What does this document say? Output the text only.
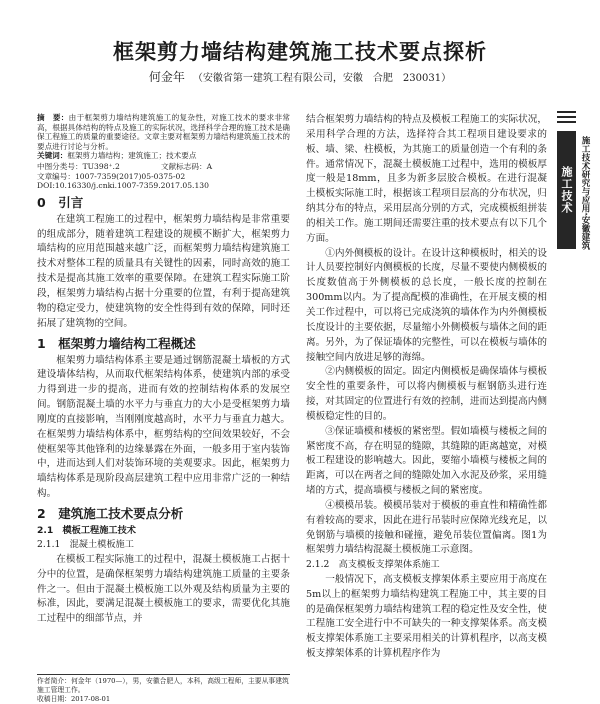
框架剪力墙结构建筑施工技术要点探析
何金年 （安徽省第一建筑工程有限公司，安徽　合肥　230031）

摘　要：由于框架剪力墙结构建筑施工的复杂性，对施工技术的要求非常高，根据具体结构的特点及施工的实际状况，选择科学合理的施工技术是确保工程施工的质量的重要途径。文章主要对框架剪力墙结构建筑施工技术的要点进行讨论与分析。

关键词：框架剪力墙结构；建筑施工；技术要点

中图分类号：TU398⁺.2	文献标志码：A

文章编号：1007-7359(2017)05-0375-02

DOI:10.16330/j.cnki.1007-7359.2017.05.130

0　引言

在建筑工程施工的过程中，框架剪力墙结构是非常重要的组成部分，随着建筑工程建设的规模不断扩大，框架剪力墙结构的应用范围越来越广泛，而框架剪力墙结构建筑施工技术对整体工程的质量具有关键性的因素，同时高效的施工技术是提高其施工效率的重要保障。在建筑工程实际施工阶段，框架剪力墙结构占据十分重要的位置，有利于提高建筑物的稳定受力，使建筑物的安全性得到有效的保障，同时还拓展了建筑物的空间。

1　框架剪力墙结构工程概述

框架剪力墙结构体系主要是通过钢筋混凝土墙板的方式建设墙体结构，从而取代框架结构体系，使建筑内部的承受力得到进一步的提高，进而有效的控制结构体系的发展空间。钢筋混凝土墙的水平力与垂直力的大小是受框架剪力墙刚度的直接影响，当刚刚度越高时，水平力与垂直力越大。在框架剪力墙结构体系中，框剪结构的空间效果较好，不会使框架等其他锋利的边缘暴露在外面，一般多用于室内装饰中，进而达到人们对装饰环境的美观要求。因此，框架剪力墙结构体系是现阶段高层建筑工程中应用非常广泛的一种结构。

2　建筑施工技术要点分析
2.1　模板工程施工技术
2.1.1　混凝土模板施工

在模板工程实际施工的过程中，混凝土模板施工占据十分中的位置，是确保框架剪力墙结构建筑施工质量的主要条件之一。但由于混凝土模板施工以外观及结构质量为主要的标准，因此，要满足混凝土模板施工的要求，需要优化其施工过程中的细部节点，并

结合框架剪力墙结构的特点及模板工程施工的实际状况，采用科学合理的方法，选择符合其工程项目建设要求的板、墙、梁、柱模板，为其施工的质量创造一个有利的条件。通常情况下，混凝土模板施工过程中，选用的模板厚度一般是18mm，且多为新多层胶合模板。在进行混凝土模板实际施工时，根据该工程项目层高的分布状况，归纳其分布的特点，采用层高分别的方式，完成模板组拼装的相关工作。施工期间还需要注重的技术要点有以下几个方面。

①内外侧模板的设计。在设计这种模板时，相关的设计人员要控制好内侧模板的长度，尽量不要使内侧模板的长度数值高于外侧模板的总长度，一般长度的控制在300mm以内。为了提高配模的准确性，在开展支模的相关工作过程中，可以将已完成浇筑的墙体作为内外侧模板长度设计的主要依据，尽量缩小外侧模板与墙体之间的距离。另外，为了保证墙体的完整性，可以在模板与墙体的接触空间内放进足够的海绵。

②内侧模板的固定。固定内侧模板是确保墙体与模板安全性的重要条件，可以将内侧模板与框钢筋头进行连接，对其固定的位置进行有效的控制，进而达到提高内侧模板稳定性的目的。

③保证墙模和楼板的紧密型。假如墙模与楼板之间的紧密度不高，存在明显的缝隙，其缝隙的距离越宽，对模板工程建设的影响越大。因此，要缩小墙模与楼板之间的距离，可以在两者之间的缝隙处加入水泥及砂浆，采用缝堵的方式，提高墙模与楼板之间的紧密度。

④模模吊装。模模吊装对于模板的垂直性和精确性都有着较高的要求，因此在进行吊装时应保障光线充足，以免钢筋与墙模的接触和碰撞，避免吊装位置偏离。图1为框架剪力墙结构混凝土模板施工示意图。

2.1.2　高支模板支撑架体系施工

一般情况下，高支模板支撑架体系主要应用于高度在5m以上的框架剪力墙结构建筑工程施工中，其主要的目的是确保框架剪力墙结构建筑工程的稳定性及安全性，使工程施工安全进行中不可缺失的一种支撑架体系。高支模板支撑架体系施工主要采用相关的计算机程序，以高支模板支撑架体系的计算机程序作为

作者简介：何金年（1970—），男，安徽合肥人，本科，高级工程师，主要从事建筑施工管理工作。

收稿日期：2017-08-01

施工技术 施工技术研究与应用·安徽建筑
